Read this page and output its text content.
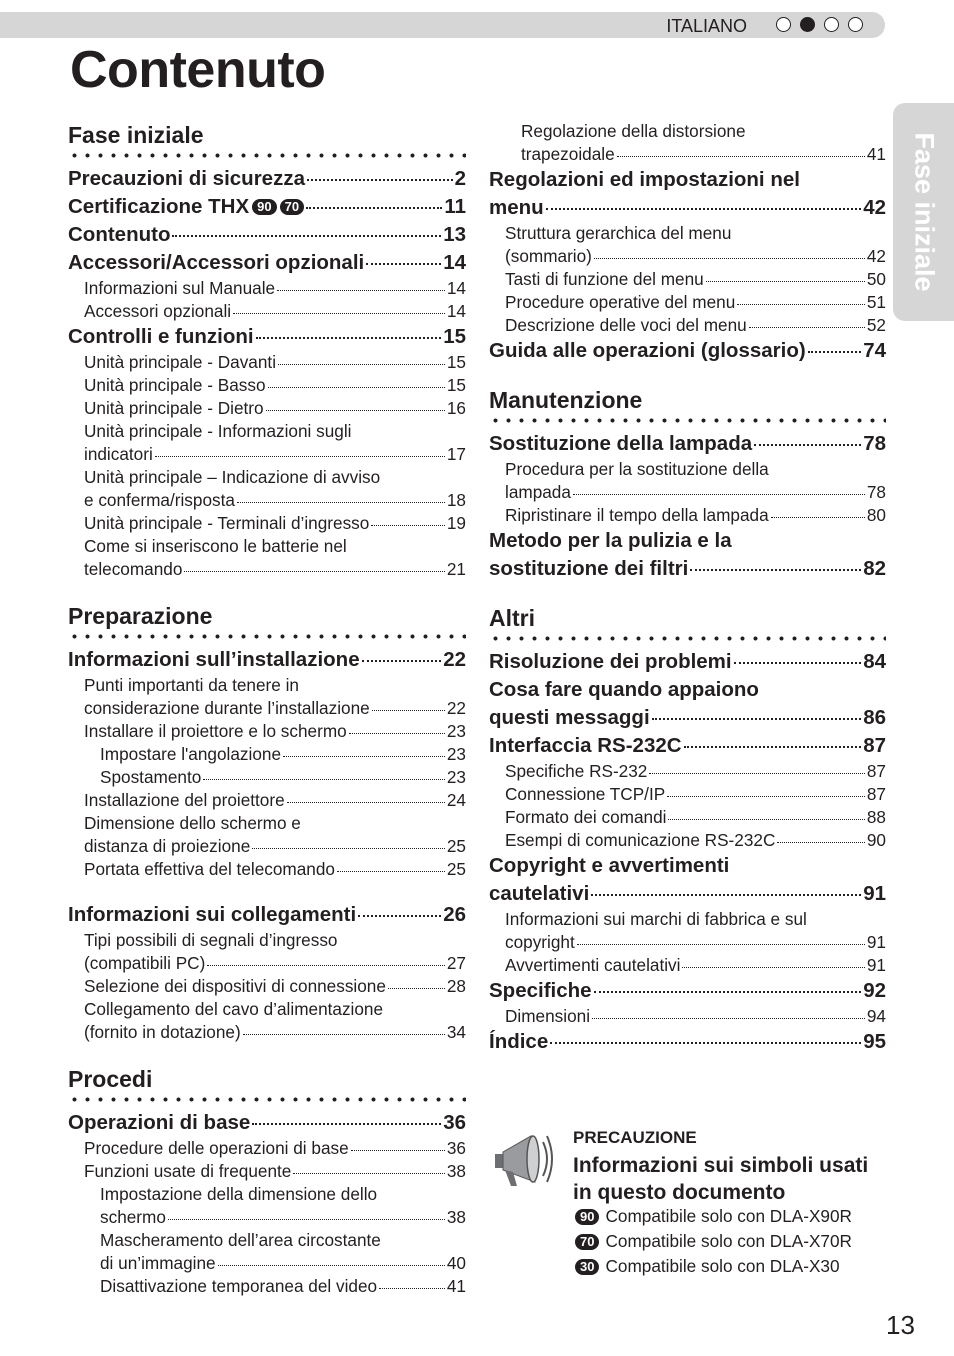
ITALIANO
Contenuto
Fase iniziale
Fase iniziale
Precauzioni di sicurezza	2
Certificazione THX 90 70	11
Contenuto	13
Accessori/Accessori opzionali	14
Informazioni sul Manuale	14
Accessori opzionali	14
Controlli e funzioni	15
Unità principale - Davanti	15
Unità principale - Basso	15
Unità principale - Dietro	16
Unità principale - Informazioni sugli
indicatori	17
Unità principale – Indicazione di avviso
e conferma/risposta	18
Unità principale - Terminali d’ingresso	19
Come si inseriscono le batterie nel
telecomando	21
Preparazione
Informazioni sull’installazione	22
Punti importanti da tenere in
considerazione durante l’installazione	22
Installare il proiettore e lo schermo	23
Impostare l'angolazione	23
Spostamento	23
Installazione del proiettore	24
Dimensione dello schermo e
distanza di proiezione	25
Portata effettiva del telecomando	25
Informazioni sui collegamenti	26
Tipi possibili di segnali d’ingresso
(compatibili PC)	27
Selezione dei dispositivi di connessione	28
Collegamento del cavo d’alimentazione
(fornito in dotazione)	34
Procedi
Operazioni di base	36
Procedure delle operazioni di base	36
Funzioni usate di frequente	38
Impostazione della dimensione dello
schermo	38
Mascheramento dell’area circostante
di un’immagine	40
Disattivazione temporanea del video	41
Regolazione della distorsione
trapezoidale	41
Regolazioni ed impostazioni nel
menu	42
Struttura gerarchica del menu
(sommario)	42
Tasti di funzione del menu	50
Procedure operative del menu	51
Descrizione delle voci del menu	52
Guida alle operazioni (glossario)	74
Manutenzione
Sostituzione della lampada	78
Procedura per la sostituzione della
lampada	78
Ripristinare il tempo della lampada	80
Metodo per la pulizia e la
sostituzione dei filtri	82
Altri
Risoluzione dei problemi	84
Cosa fare quando appaiono
questi messaggi	86
Interfaccia RS-232C	87
Specifiche RS-232	87
Connessione TCP/IP	87
Formato dei comandi	88
Esempi di comunicazione RS-232C	90
Copyright e avvertimenti
cautelativi	91
Informazioni sui marchi di fabbrica e sul
copyright	91
Avvertimenti cautelativi	91
Specifiche	92
Dimensioni	94
Índice	95
PRECAUZIONE
Informazioni sui simboli usati in questo documento
90 Compatibile solo con DLA-X90R
70 Compatibile solo con DLA-X70R
30 Compatibile solo con DLA-X30
13
